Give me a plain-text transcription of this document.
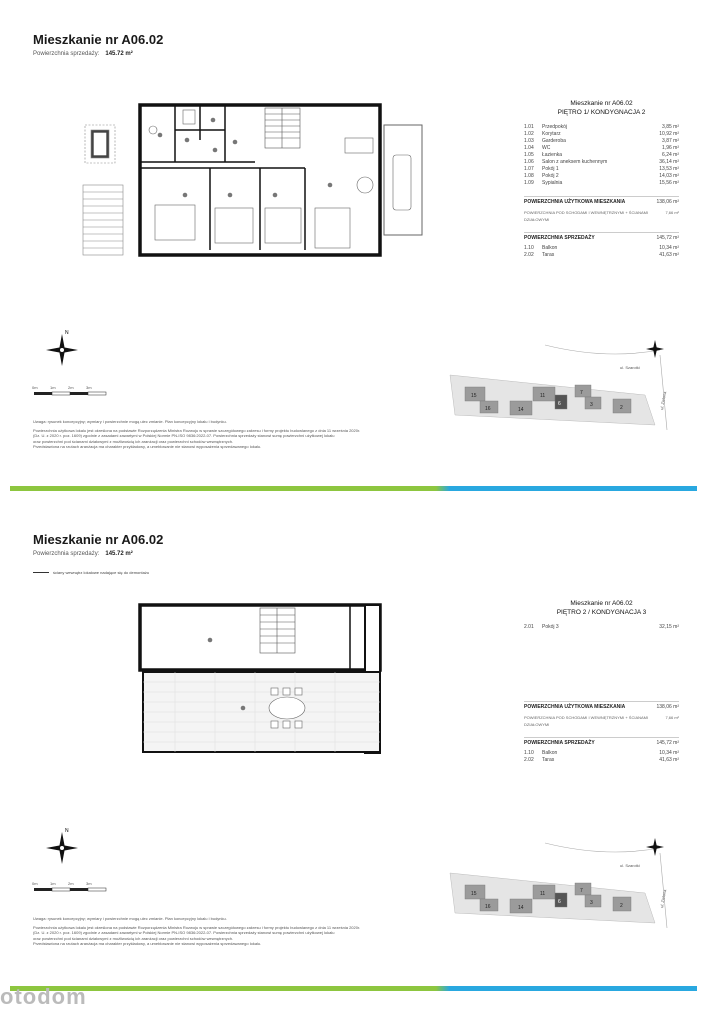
Mieszkanie nr A06.02
Powierzchnia sprzedaży: 145.72 m²
Mieszkanie nr A06.02
PIĘTRO 1/ KONDYGNACJA 2
1.01	Przedpokój	3,85 m²
1.02	Korytarz	10,92 m²
1.03	Garderoba	3,87 m²
1.04	WC	1,96 m²
1.05	Łazienka	6,24 m²
1.06	Salon z aneksem kuchennym	36,14 m²
1.07	Pokój 1	13,53 m²
1.08	Pokój 2	14,03 m²
1.09	Sypialnia	15,56 m²
POWIERZCHNIA UŻYTKOWA MIESZKANIA	138,06 m²
POWIERZCHNIA POD SCHODAMI I WEWNĘTRZNYMI + ŚCIANAMI DZIAŁOWYMI
7,66 m²
POWIERZCHNIA SPRZEDAŻY	145,72 m²
1.10	Balkon	10,34 m²
2.02	Taras	41,63 m²
N
0m	1m	2m	3m
ul. Szarotki
ul. Zielona
15
16	14
11	7
3	2
6
Uwaga: rysunek koncepcyjny; wymiary i powierzchnie mogą ulec zmianie. Plan koncepcyjny lokalu i budynku.
Powierzchnia użytkowa lokalu jest określona na podstawie Rozporządzenia Ministra Rozwoju w sprawie szczegółowego zakresu i formy projektu budowlanego z dnia 11 września 2020r.
(Dz. U. z 2020 r. poz. 1609) zgodnie z zasadami zawartymi w Polskiej Normie PN-ISO 9836:2022-07. Powierzchnia sprzedaży stanowi sumę powierzchni użytkowej lokalu
oraz powierzchni pod ścianami działowymi z możliwością ich aranżacji oraz powierzchni schodów wewnętrznych.
Przedstawiona na rzutach aranżacja ma charakter przykładowy, a umeblowanie nie stanowi wyposażenia sprzedawanego lokalu.
Mieszkanie nr A06.02
Powierzchnia sprzedaży: 145.72 m²
ściany wewnątrz lokalowe nadające się do demontażu
Mieszkanie nr A06.02
PIĘTRO 2 / KONDYGNACJA 3
2.01	Pokój 3	32,15 m²
POWIERZCHNIA UŻYTKOWA MIESZKANIA	138,06 m²
POWIERZCHNIA POD SCHODAMI I WEWNĘTRZNYMI + ŚCIANAMI DZIAŁOWYMI
7,66 m²
POWIERZCHNIA SPRZEDAŻY	145,72 m²
1.10	Balkon	10,34 m²
2.02	Taras	41,63 m²
N
0m	1m	2m	3m
ul. Szarotki
ul. Zielona
15
16	14
11	7
3	2
6
Uwaga: rysunek koncepcyjny; wymiary i powierzchnie mogą ulec zmianie. Plan koncepcyjny lokalu i budynku.
Powierzchnia użytkowa lokalu jest określona na podstawie Rozporządzenia Ministra Rozwoju w sprawie szczegółowego zakresu i formy projektu budowlanego z dnia 11 września 2020r.
(Dz. U. z 2020 r. poz. 1609) zgodnie z zasadami zawartymi w Polskiej Normie PN-ISO 9836:2022-07. Powierzchnia sprzedaży stanowi sumę powierzchni użytkowej lokalu
oraz powierzchni pod ścianami działowymi z możliwością ich aranżacji oraz powierzchni schodów wewnętrznych.
Przedstawiona na rzutach aranżacja ma charakter przykładowy, a umeblowanie nie stanowi wyposażenia sprzedawanego lokalu.
otodom
